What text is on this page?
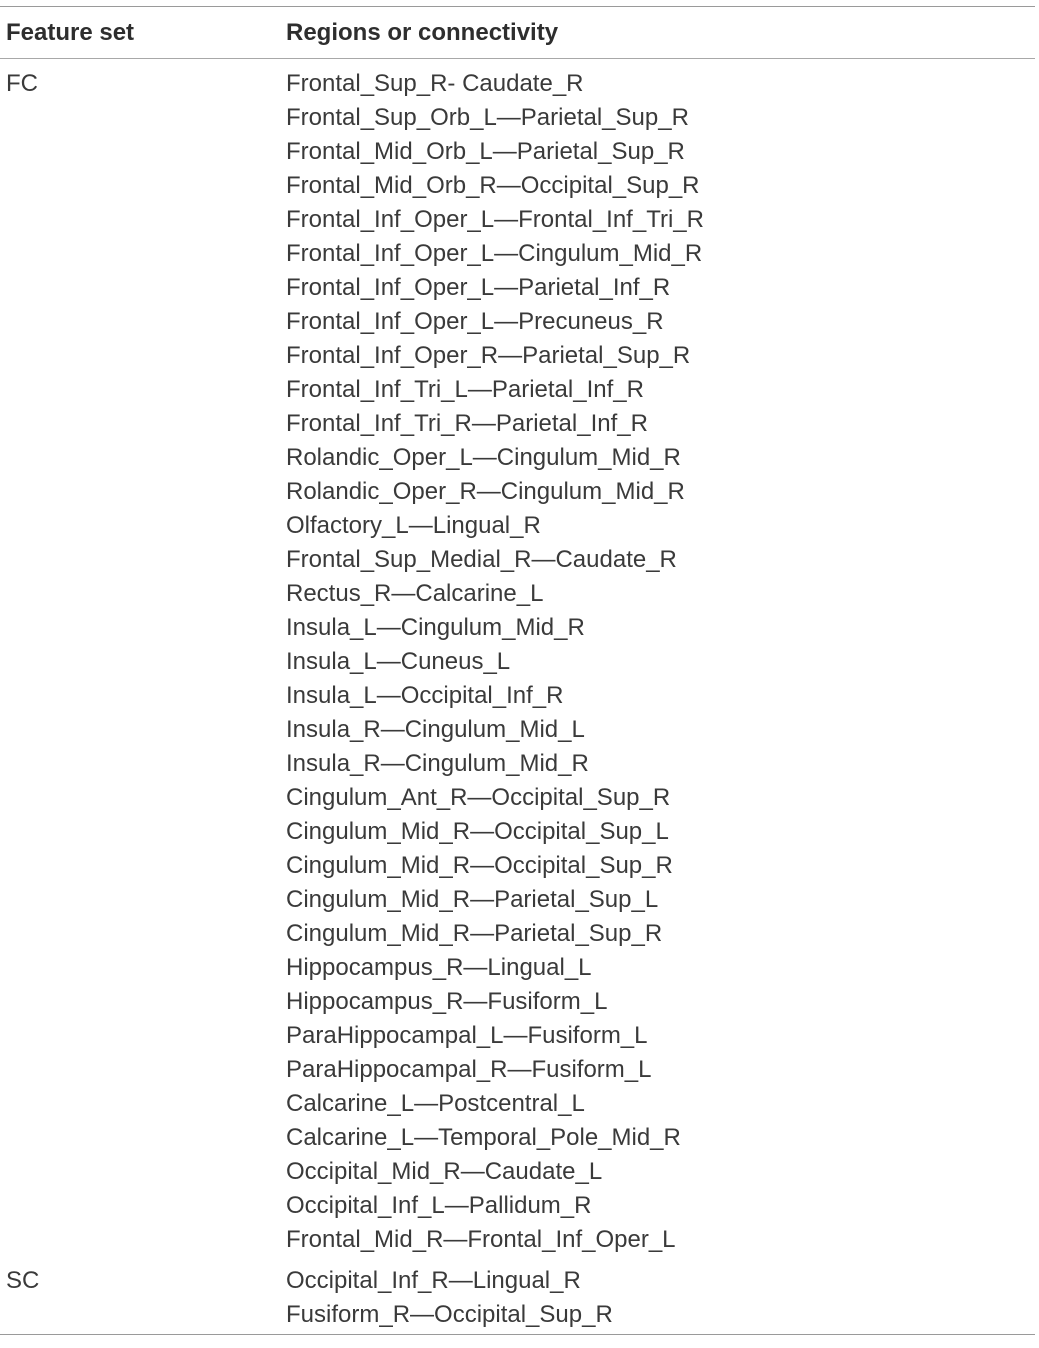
Feature set	Regions or connectivity
FC	Frontal_Sup_R- Caudate_R
Frontal_Sup_Orb_L—Parietal_Sup_R
Frontal_Mid_Orb_L—Parietal_Sup_R
Frontal_Mid_Orb_R—Occipital_Sup_R
Frontal_Inf_Oper_L—Frontal_Inf_Tri_R
Frontal_Inf_Oper_L—Cingulum_Mid_R
Frontal_Inf_Oper_L—Parietal_Inf_R
Frontal_Inf_Oper_L—Precuneus_R
Frontal_Inf_Oper_R—Parietal_Sup_R
Frontal_Inf_Tri_L—Parietal_Inf_R
Frontal_Inf_Tri_R—Parietal_Inf_R
Rolandic_Oper_L—Cingulum_Mid_R
Rolandic_Oper_R—Cingulum_Mid_R
Olfactory_L—Lingual_R
Frontal_Sup_Medial_R—Caudate_R
Rectus_R—Calcarine_L
Insula_L—Cingulum_Mid_R
Insula_L—Cuneus_L
Insula_L—Occipital_Inf_R
Insula_R—Cingulum_Mid_L
Insula_R—Cingulum_Mid_R
Cingulum_Ant_R—Occipital_Sup_R
Cingulum_Mid_R—Occipital_Sup_L
Cingulum_Mid_R—Occipital_Sup_R
Cingulum_Mid_R—Parietal_Sup_L
Cingulum_Mid_R—Parietal_Sup_R
Hippocampus_R—Lingual_L
Hippocampus_R—Fusiform_L
ParaHippocampal_L—Fusiform_L
ParaHippocampal_R—Fusiform_L
Calcarine_L—Postcentral_L
Calcarine_L—Temporal_Pole_Mid_R
Occipital_Mid_R—Caudate_L
Occipital_Inf_L—Pallidum_R
Frontal_Mid_R—Frontal_Inf_Oper_L
SC	Occipital_Inf_R—Lingual_R
Fusiform_R—Occipital_Sup_R
